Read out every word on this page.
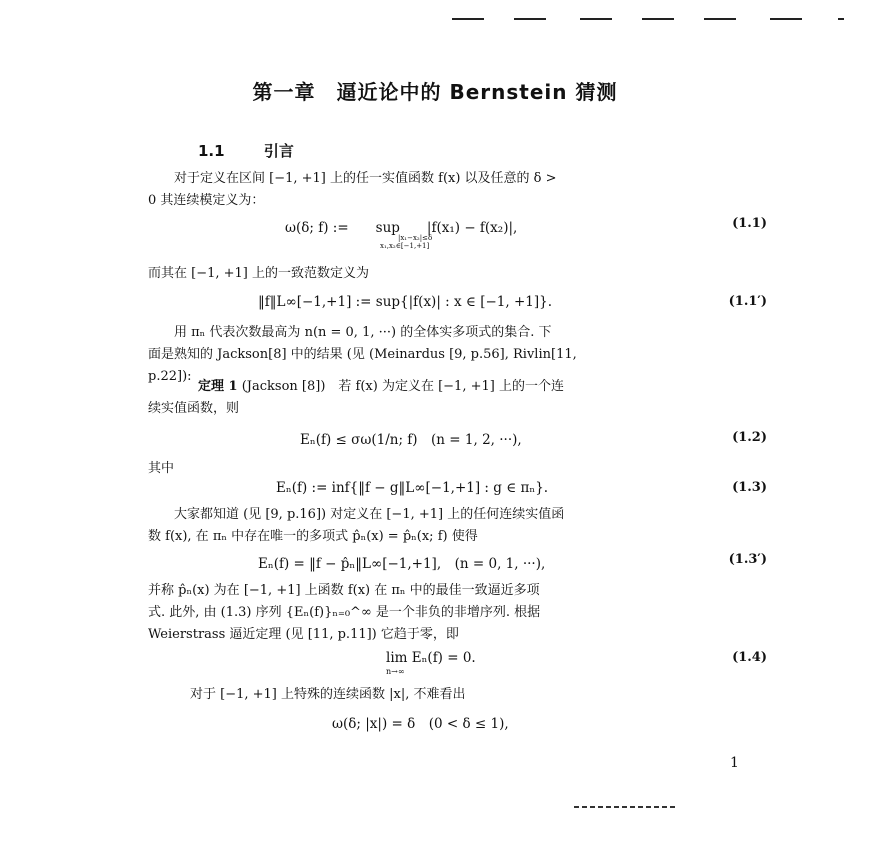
第一章　逼近论中的 Bernstein 猜测
1.1	引言
　　对于定义在区间 [−1, +1] 上的任一实值函数 f(x) 以及任意的 δ >
0 其连续模定义为：
ω(δ; f) :=　　sup　　|f(x₁) − f(x₂)|,
|x₁−x₂|≤δ
x₁,x₂∈[−1,+1]
(1.1)
而其在 [−1, +1] 上的一致范数定义为
‖f‖L∞[−1,+1] := sup{|f(x)| : x ∈ [−1, +1]}.	(1.1′)
　　用 πₙ 代表次数最高为 n(n = 0, 1, ···) 的全体实多项式的集合. 下
面是熟知的 Jackson[8] 中的结果 (见 (Meinardus [9, p.56], Rivlin[11,
p.22]):
定理 1 (Jackson [8])　若 f(x) 为定义在 [−1, +1] 上的一个连
续实值函数，则
Eₙ(f) ≤ σω(1/n; f)　(n = 1, 2, ···),	(1.2)
其中
Eₙ(f) := inf{‖f − g‖L∞[−1,+1] : g ∈ πₙ}.	(1.3)
　　大家都知道 (见 [9, p.16]) 对定义在 [−1, +1] 上的任何连续实值函
数 f(x), 在 πₙ 中存在唯一的多项式 p̂ₙ(x) = p̂ₙ(x; f) 使得
Eₙ(f) = ‖f − p̂ₙ‖L∞[−1,+1],　(n = 0, 1, ···),	(1.3′)
并称 p̂ₙ(x) 为在 [−1, +1] 上函数 f(x) 在 πₙ 中的最佳一致逼近多项
式. 此外, 由 (1.3) 序列 {Eₙ(f)}ₙ₌₀^∞ 是一个非负的非增序列. 根据
Weierstrass 逼近定理 (见 [11, p.11]) 它趋于零，即
lim Eₙ(f) = 0.
n→∞
(1.4)
对于 [−1, +1] 上特殊的连续函数 |x|, 不难看出
ω(δ; |x|) = δ　(0 < δ ≤ 1),
1
